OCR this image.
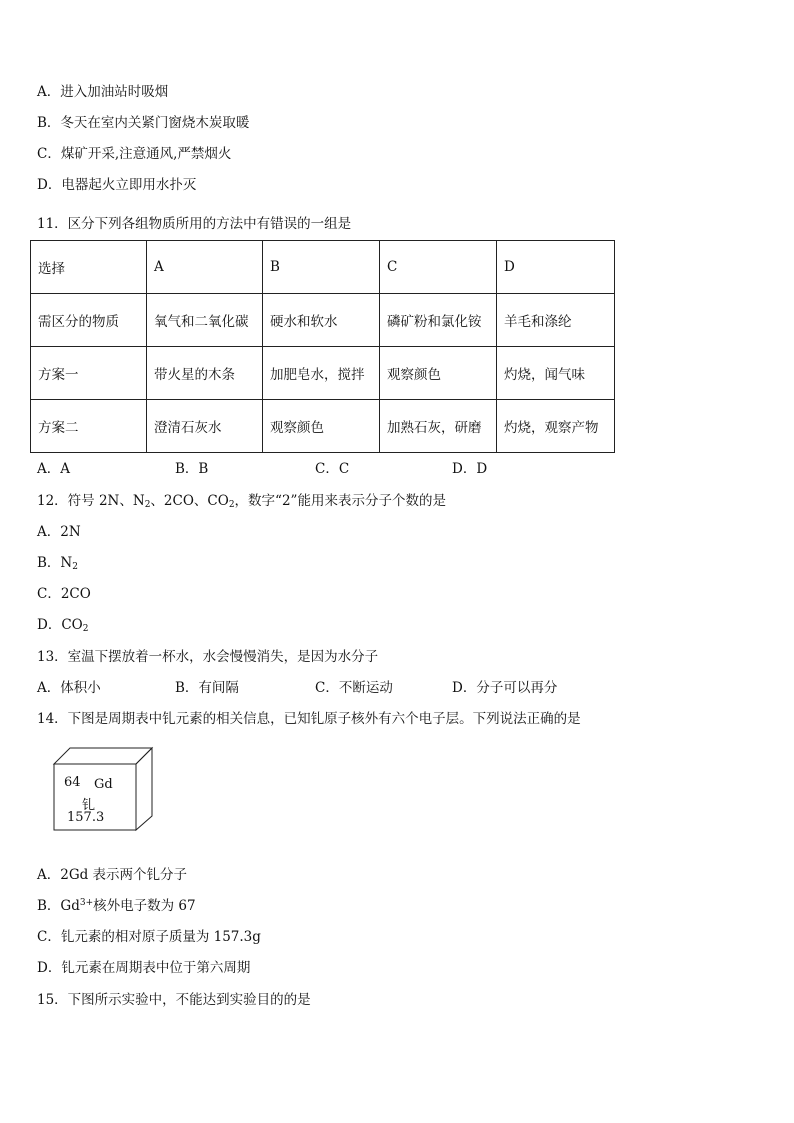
A．进入加油站时吸烟
B．冬天在室内关紧门窗烧木炭取暖
C．煤矿开采,注意通风,严禁烟火
D．电器起火立即用水扑灭
11．区分下列各组物质所用的方法中有错误的一组是
选择	A	B	C	D
需区分的物质	氧气和二氧化碳	硬水和软水	磷矿粉和氯化铵	羊毛和涤纶
方案一	带火星的木条	加肥皂水，搅拌	观察颜色	灼烧，闻气味
方案二	澄清石灰水	观察颜色	加熟石灰，研磨	灼烧，观察产物
A．A	B．B	C．C	D．D
12．符号 2N、$N_2$、2CO、$CO_2$，数字“2”能用来表示分子个数的是
A．2N
B．$N_2$
C．2CO
D．$CO_2$
13．室温下摆放着一杯水，水会慢慢消失，是因为水分子
A．体积小	B．有间隔	C．不断运动	D．分子可以再分
14．下图是周期表中钆元素的相关信息，已知钆原子核外有六个电子层。下列说法正确的是
64 Gd
钆
157.3
A．2Gd 表示两个钆分子
B．$Gd^{3+}$核外电子数为 67
C．钆元素的相对原子质量为 157.3g
D．钆元素在周期表中位于第六周期
15．下图所示实验中，不能达到实验目的的是
